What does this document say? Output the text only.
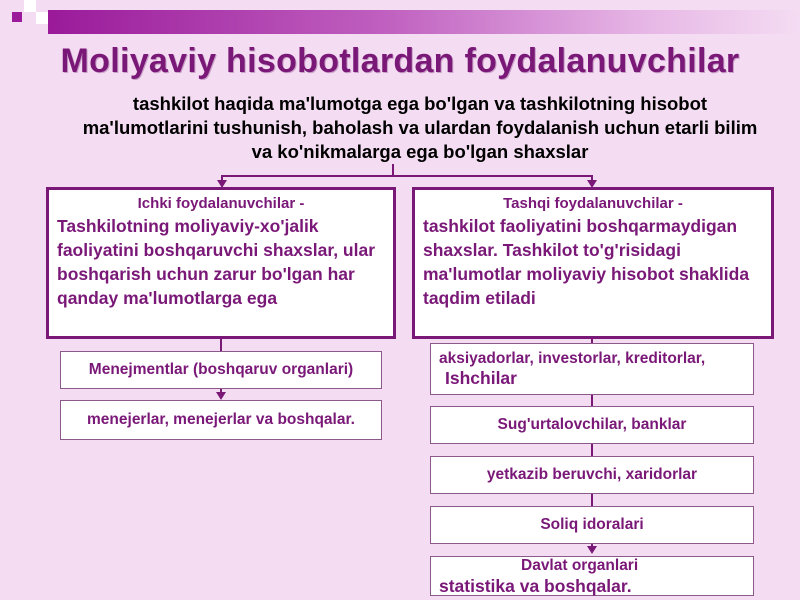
Moliyaviy hisobotlardan foydalanuvchilar
tashkilot haqida ma'lumotga ega bo'lgan va tashkilotning hisobot ma'lumotlarini tushunish, baholash va ulardan foydalanish uchun etarli bilim va ko'nikmalarga ega bo'lgan shaxslar
Ichki foydalanuvchilar -
Tashkilotning moliyaviy-xo'jalik faoliyatini boshqaruvchi shaxslar, ular boshqarish uchun zarur bo'lgan har qanday ma'lumotlarga ega
Tashqi foydalanuvchilar -
tashkilot faoliyatini boshqarmaydigan shaxslar. Tashkilot to'g'risidagi ma'lumotlar moliyaviy hisobot shaklida taqdim etiladi
Menejmentlar (boshqaruv organlari)
menejerlar, menejerlar va boshqalar.
aksiyadorlar, investorlar, kreditorlar,
Ishchilar
Sug'urtalovchilar, banklar
yetkazib beruvchi, xaridorlar
Soliq idoralari
Davlat organlari
statistika va boshqalar.
